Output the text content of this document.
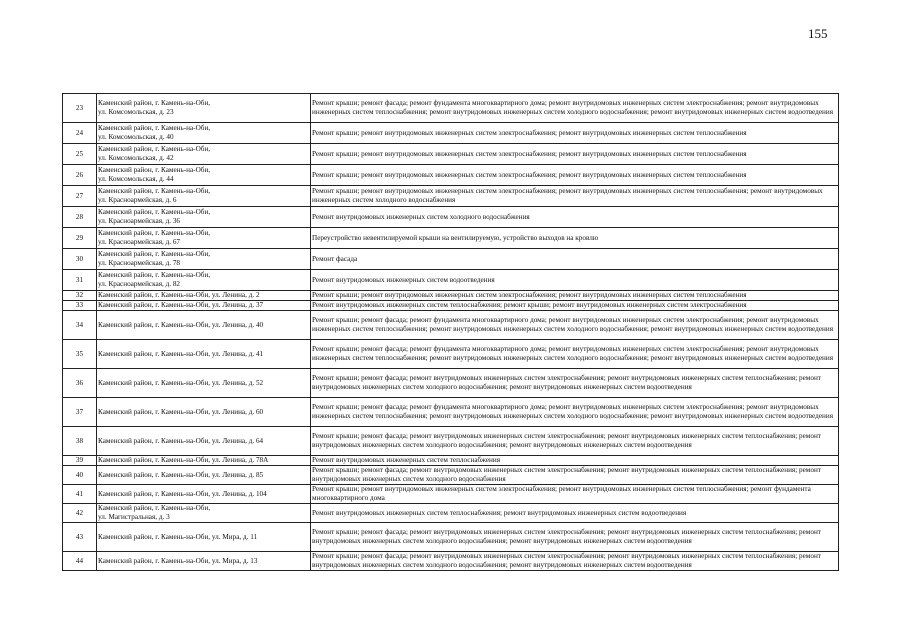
155
23	Каменский район, г. Камень-на-Оби,
ул. Комсомольская, д. 23	Ремонт крыши; ремонт фасада; ремонт фундамента многоквартирного дома; ремонт внутридомовых инженерных систем электроснабжения; ремонт внутридомовых инженерных систем теплоснабжения; ремонт внутридомовых инженерных систем холодного водоснабжения; ремонт внутридомовых инженерных систем водоотведения
24	Каменский район, г. Камень-на-Оби,
ул. Комсомольская, д. 40	Ремонт крыши; ремонт внутридомовых инженерных систем электроснабжения; ремонт внутридомовых инженерных систем теплоснабжения
25	Каменский район, г. Камень-на-Оби,
ул. Комсомольская, д. 42	Ремонт крыши; ремонт внутридомовых инженерных систем электроснабжения; ремонт внутридомовых инженерных систем теплоснабжения
26	Каменский район, г. Камень-на-Оби,
ул. Комсомольская, д. 44	Ремонт крыши; ремонт внутридомовых инженерных систем электроснабжения; ремонт внутридомовых инженерных систем теплоснабжения
27	Каменский район, г. Камень-на-Оби,
ул. Красноармейская, д. 6	Ремонт крыши; ремонт внутридомовых инженерных систем электроснабжения; ремонт внутридомовых инженерных систем теплоснабжения; ремонт внутридомовых инженерных систем холодного водоснабжения
28	Каменский район, г. Камень-на-Оби,
ул. Красноармейская, д. 36	Ремонт внутридомовых инженерных систем холодного водоснабжения
29	Каменский район, г. Камень-на-Оби,
ул. Красноармейская, д. 67	Переустройство невентилируемой крыши на вентилируемую, устройство выходов на кровлю
30	Каменский район, г. Камень-на-Оби,
ул. Красноармейская, д. 78	Ремонт фасада
31	Каменский район, г. Камень-на-Оби,
ул. Красноармейская, д. 82	Ремонт внутридомовых инженерных систем водоотведения
32	Каменский район, г. Камень-на-Оби, ул. Ленина, д. 2	Ремонт крыши; ремонт внутридомовых инженерных систем электроснабжения; ремонт внутридомовых инженерных систем теплоснабжения
33	Каменский район, г. Камень-на-Оби, ул. Ленина, д. 37	Ремонт внутридомовых инженерных систем теплоснабжения; ремонт крыши; ремонт внутридомовых инженерных систем электроснабжения
34	Каменский район, г. Камень-на-Оби, ул. Ленина, д. 40	Ремонт крыши; ремонт фасада; ремонт фундамента многоквартирного дома; ремонт внутридомовых инженерных систем электроснабжения; ремонт внутридомовых инженерных систем теплоснабжения; ремонт внутридомовых инженерных систем холодного водоснабжения; ремонт внутридомовых инженерных систем водоотведения
35	Каменский район, г. Камень-на-Оби, ул. Ленина, д. 41	Ремонт крыши; ремонт фасада; ремонт фундамента многоквартирного дома; ремонт внутридомовых инженерных систем электроснабжения; ремонт внутридомовых инженерных систем теплоснабжения; ремонт внутридомовых инженерных систем холодного водоснабжения; ремонт внутридомовых инженерных систем водоотведения
36	Каменский район, г. Камень-на-Оби, ул. Ленина, д. 52	Ремонт крыши; ремонт фасада; ремонт внутридомовых инженерных систем электроснабжения; ремонт внутридомовых инженерных систем теплоснабжения; ремонт внутридомовых инженерных систем холодного водоснабжения; ремонт внутридомовых инженерных систем водоотведения
37	Каменский район, г. Камень-на-Оби, ул. Ленина, д. 60	Ремонт крыши; ремонт фасада; ремонт фундамента многоквартирного дома; ремонт внутридомовых инженерных систем электроснабжения; ремонт внутридомовых инженерных систем теплоснабжения; ремонт внутридомовых инженерных систем холодного водоснабжения; ремонт внутридомовых инженерных систем водоотведения
38	Каменский район, г. Камень-на-Оби, ул. Ленина, д. 64	Ремонт крыши; ремонт фасада; ремонт внутридомовых инженерных систем электроснабжения; ремонт внутридомовых инженерных систем теплоснабжения; ремонт внутридомовых инженерных систем холодного водоснабжения; ремонт внутридомовых инженерных систем водоотведения
39	Каменский район, г. Камень-на-Оби, ул. Ленина, д. 78А	Ремонт внутридомовых инженерных систем теплоснабжения
40	Каменский район, г. Камень-на-Оби, ул. Ленина, д. 85	Ремонт крыши; ремонт фасада; ремонт внутридомовых инженерных систем электроснабжения; ремонт внутридомовых инженерных систем теплоснабжения; ремонт внутридомовых инженерных систем холодного водоснабжения
41	Каменский район, г. Камень-на-Оби, ул. Ленина, д. 104	Ремонт крыши; ремонт внутридомовых инженерных систем электроснабжения; ремонт внутридомовых инженерных систем теплоснабжения; ремонт фундамента многоквартирного дома
42	Каменский район, г. Камень-на-Оби,
ул. Магистральная, д. 3	Ремонт внутридомовых инженерных систем теплоснабжения; ремонт внутридомовых инженерных систем водоотведения
43	Каменский район, г. Камень-на-Оби, ул. Мира, д. 11	Ремонт крыши; ремонт фасада; ремонт внутридомовых инженерных систем электроснабжения; ремонт внутридомовых инженерных систем теплоснабжения; ремонт внутридомовых инженерных систем холодного водоснабжения; ремонт внутридомовых инженерных систем водоотведения
44	Каменский район, г. Камень-на-Оби, ул. Мира, д. 13	Ремонт крыши; ремонт фасада; ремонт внутридомовых инженерных систем электроснабжения; ремонт внутридомовых инженерных систем теплоснабжения; ремонт внутридомовых инженерных систем холодного водоснабжения; ремонт внутридомовых инженерных систем водоотведения
